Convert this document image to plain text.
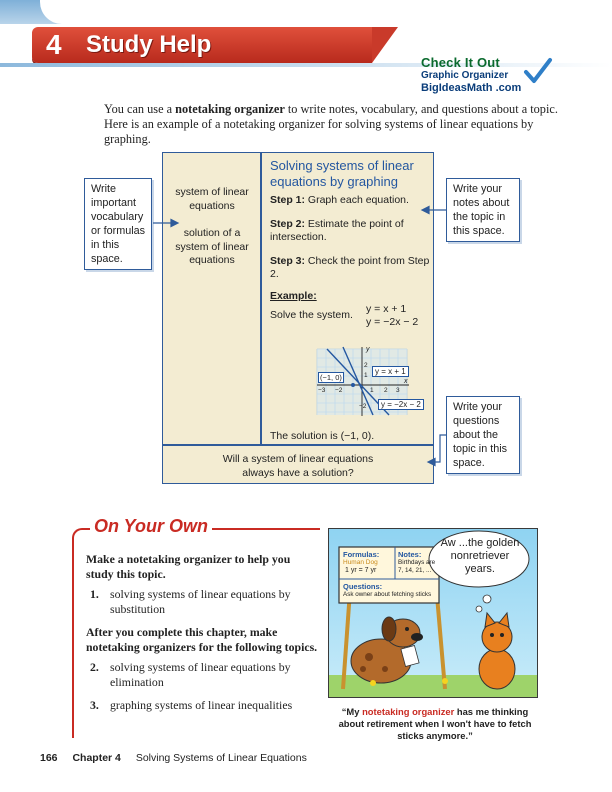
4 Study Help
Check It Out
Graphic Organizer
BigIdeasMath .com
You can use a notetaking organizer to write notes, vocabulary, and questions about a topic. Here is an example of a notetaking organizer for solving systems of linear equations by graphing.
system of linear equations
solution of a system of linear equations
Solving systems of linear equations by graphing

Step 1: Graph each equation.

Step 2: Estimate the point of intersection.

Step 3: Check the point from Step 2.

Example:
Solve the system. y = x + 1
y = −2x − 2
The solution is (−1, 0).
y
x
(−1, 0)
y = x + 1
y = −2x − 2
−3 −2	1 2 3
2
1
−2
Will a system of linear equations always have a solution?
Write important vocabulary or formulas in this space.
Write your notes about the topic in this space.
Write your questions about the topic in this space.
On Your Own
Make a notetaking organizer to help you study this topic.
1. solving systems of linear equations by substitution
After you complete this chapter, make notetaking organizers for the following topics.
2. solving systems of linear equations by elimination
3. graphing systems of linear inequalities
Aw ...the golden nonretriever years.
Formulas:
Human Dog
1 yr = 7 yr
Notes:
Birthdays are 7, 14, 21, ...
Questions:
Ask owner about fetching sticks
“My notetaking organizer has me thinking about retirement when I won't have to fetch sticks anymore.”
166 Chapter 4 Solving Systems of Linear Equations
